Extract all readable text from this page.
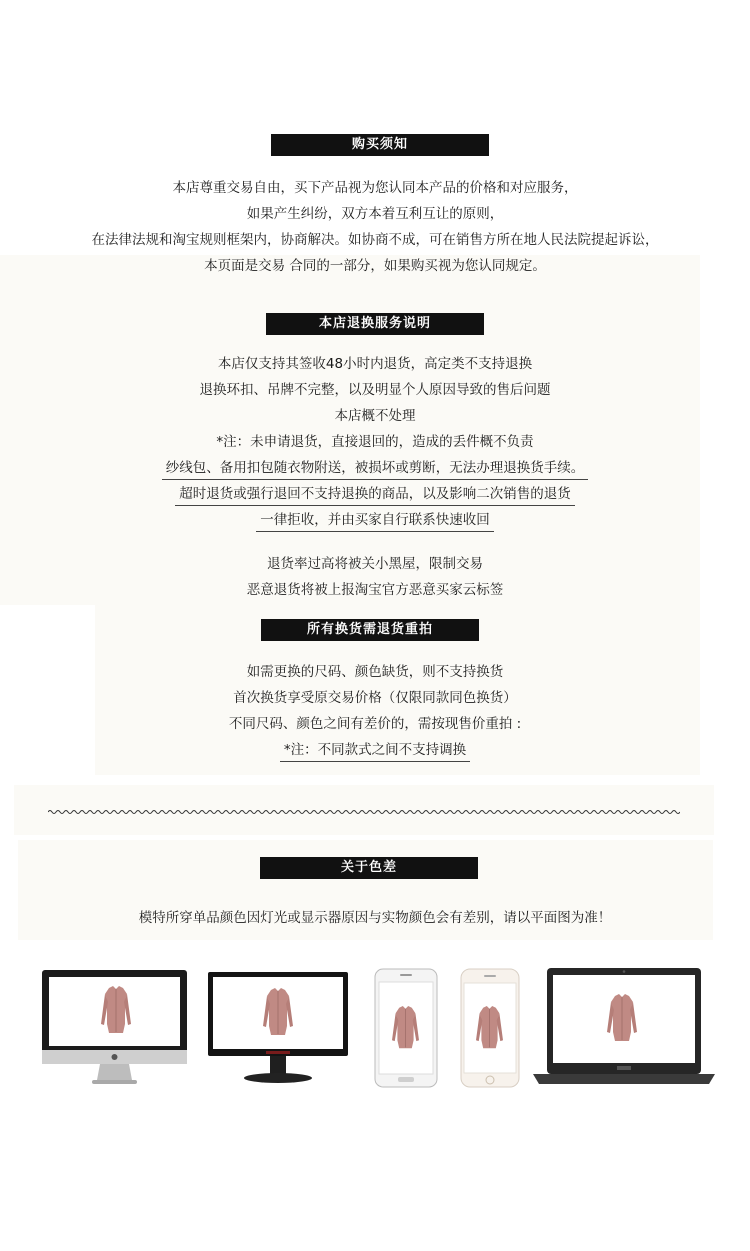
购买须知
本店尊重交易自由，买下产品视为您认同本产品的价格和对应服务，
如果产生纠纷，双方本着互利互让的原则，
在法律法规和淘宝规则框架内，协商解决。如协商不成，可在销售方所在地人民法院提起诉讼，
本页面是交易 合同的一部分，如果购买视为您认同规定。
本店退换服务说明
本店仅支持其签收48小时内退货，高定类不支持退换
退换环扣、吊牌不完整，以及明显个人原因导致的售后问题
本店概不处理
*注：未申请退货，直接退回的，造成的丢件概不负责
纱线包、备用扣包随衣物附送，被损坏或剪断，无法办理退换货手续。
超时退货或强行退回不支持退换的商品，以及影响二次销售的退货
一律拒收，并由买家自行联系快速收回
退货率过高将被关小黑屋，限制交易
恶意退货将被上报淘宝官方恶意买家云标签
所有换货需退货重拍
如需更换的尺码、颜色缺货，则不支持换货
首次换货享受原交易价格（仅限同款同色换货）
不同尺码、颜色之间有差价的，需按现售价重拍 :
*注：不同款式之间不支持调换
关于色差
模特所穿单品颜色因灯光或显示器原因与实物颜色会有差别，请以平面图为准！
